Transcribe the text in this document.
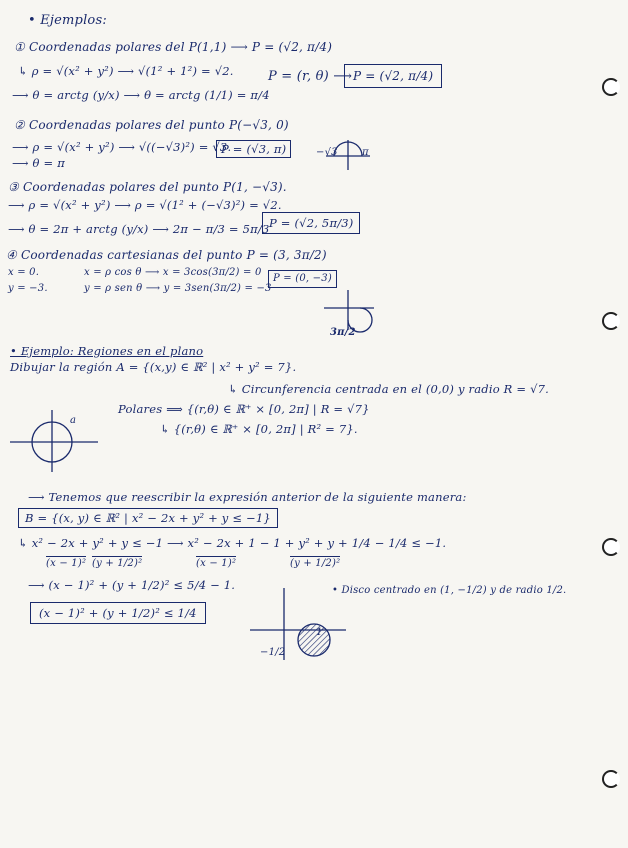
• Ejemplos:
① Coordenadas polares del P(1,1) ⟶ P = (√2, π/4)
↳ ρ = √(x² + y²) ⟶ √(1² + 1²) = √2.
⟶ θ = arctg (y/x) ⟶ θ = arctg (1/1) = π/4
P = (r, θ) ⟶ P = (√2, π/4)
② Coordenadas polares del punto P(−√3, 0)
⟶ ρ = √(x² + y²) ⟶ √((−√3)²) = √3.
P = (√3, π)
⟶ θ = π
−√3 π
③ Coordenadas polares del punto P(1, −√3).
⟶ ρ = √(x² + y²) ⟶ ρ = √(1² + (−√3)²) = √2.
⟶ θ = 2π + arctg (y/x) ⟶ 2π − π/3 = 5π/3 P = (√2, 5π/3)
④ Coordenadas cartesianas del punto P = (3, 3π/2)
x = 0.
y = −3.
x = ρ cos θ ⟶ x = 3cos(3π/2) = 0
y = ρ sen θ ⟶ y = 3sen(3π/2) = −3
P = (0, −3)
3π/2
• Ejemplo: Regiones en el plano
Dibujar la región A = {(x,y) ∈ ℝ² | x² + y² = 7}.
↳ Circunferencia centrada en el (0,0) y radio R = √7.
Polares ⟹ {(r,θ) ∈ ℝ⁺ × [0, 2π] | R = √7}
↳ {(r,θ) ∈ ℝ⁺ × [0, 2π] | R² = 7}.
a
⟶ Tenemos que reescribir la expresión anterior de la siguiente manera:
B = {(x, y) ∈ ℝ² | x² − 2x + y² + y ≤ −1}
↳ x² − 2x + y² + y ≤ −1 ⟶ x² − 2x + 1 − 1 + y² + y + 1/4 − 1/4 ≤ −1.
(x − 1)² (y + 1/2)²	(x − 1)²	(y + 1/2)²
⟶ (x − 1)² + (y + 1/2)² ≤ 5/4 − 1.
(x − 1)² + (y + 1/2)² ≤ 1/4
• Disco centrado en (1, −1/2) y de radio 1/2.
1
−1/2
